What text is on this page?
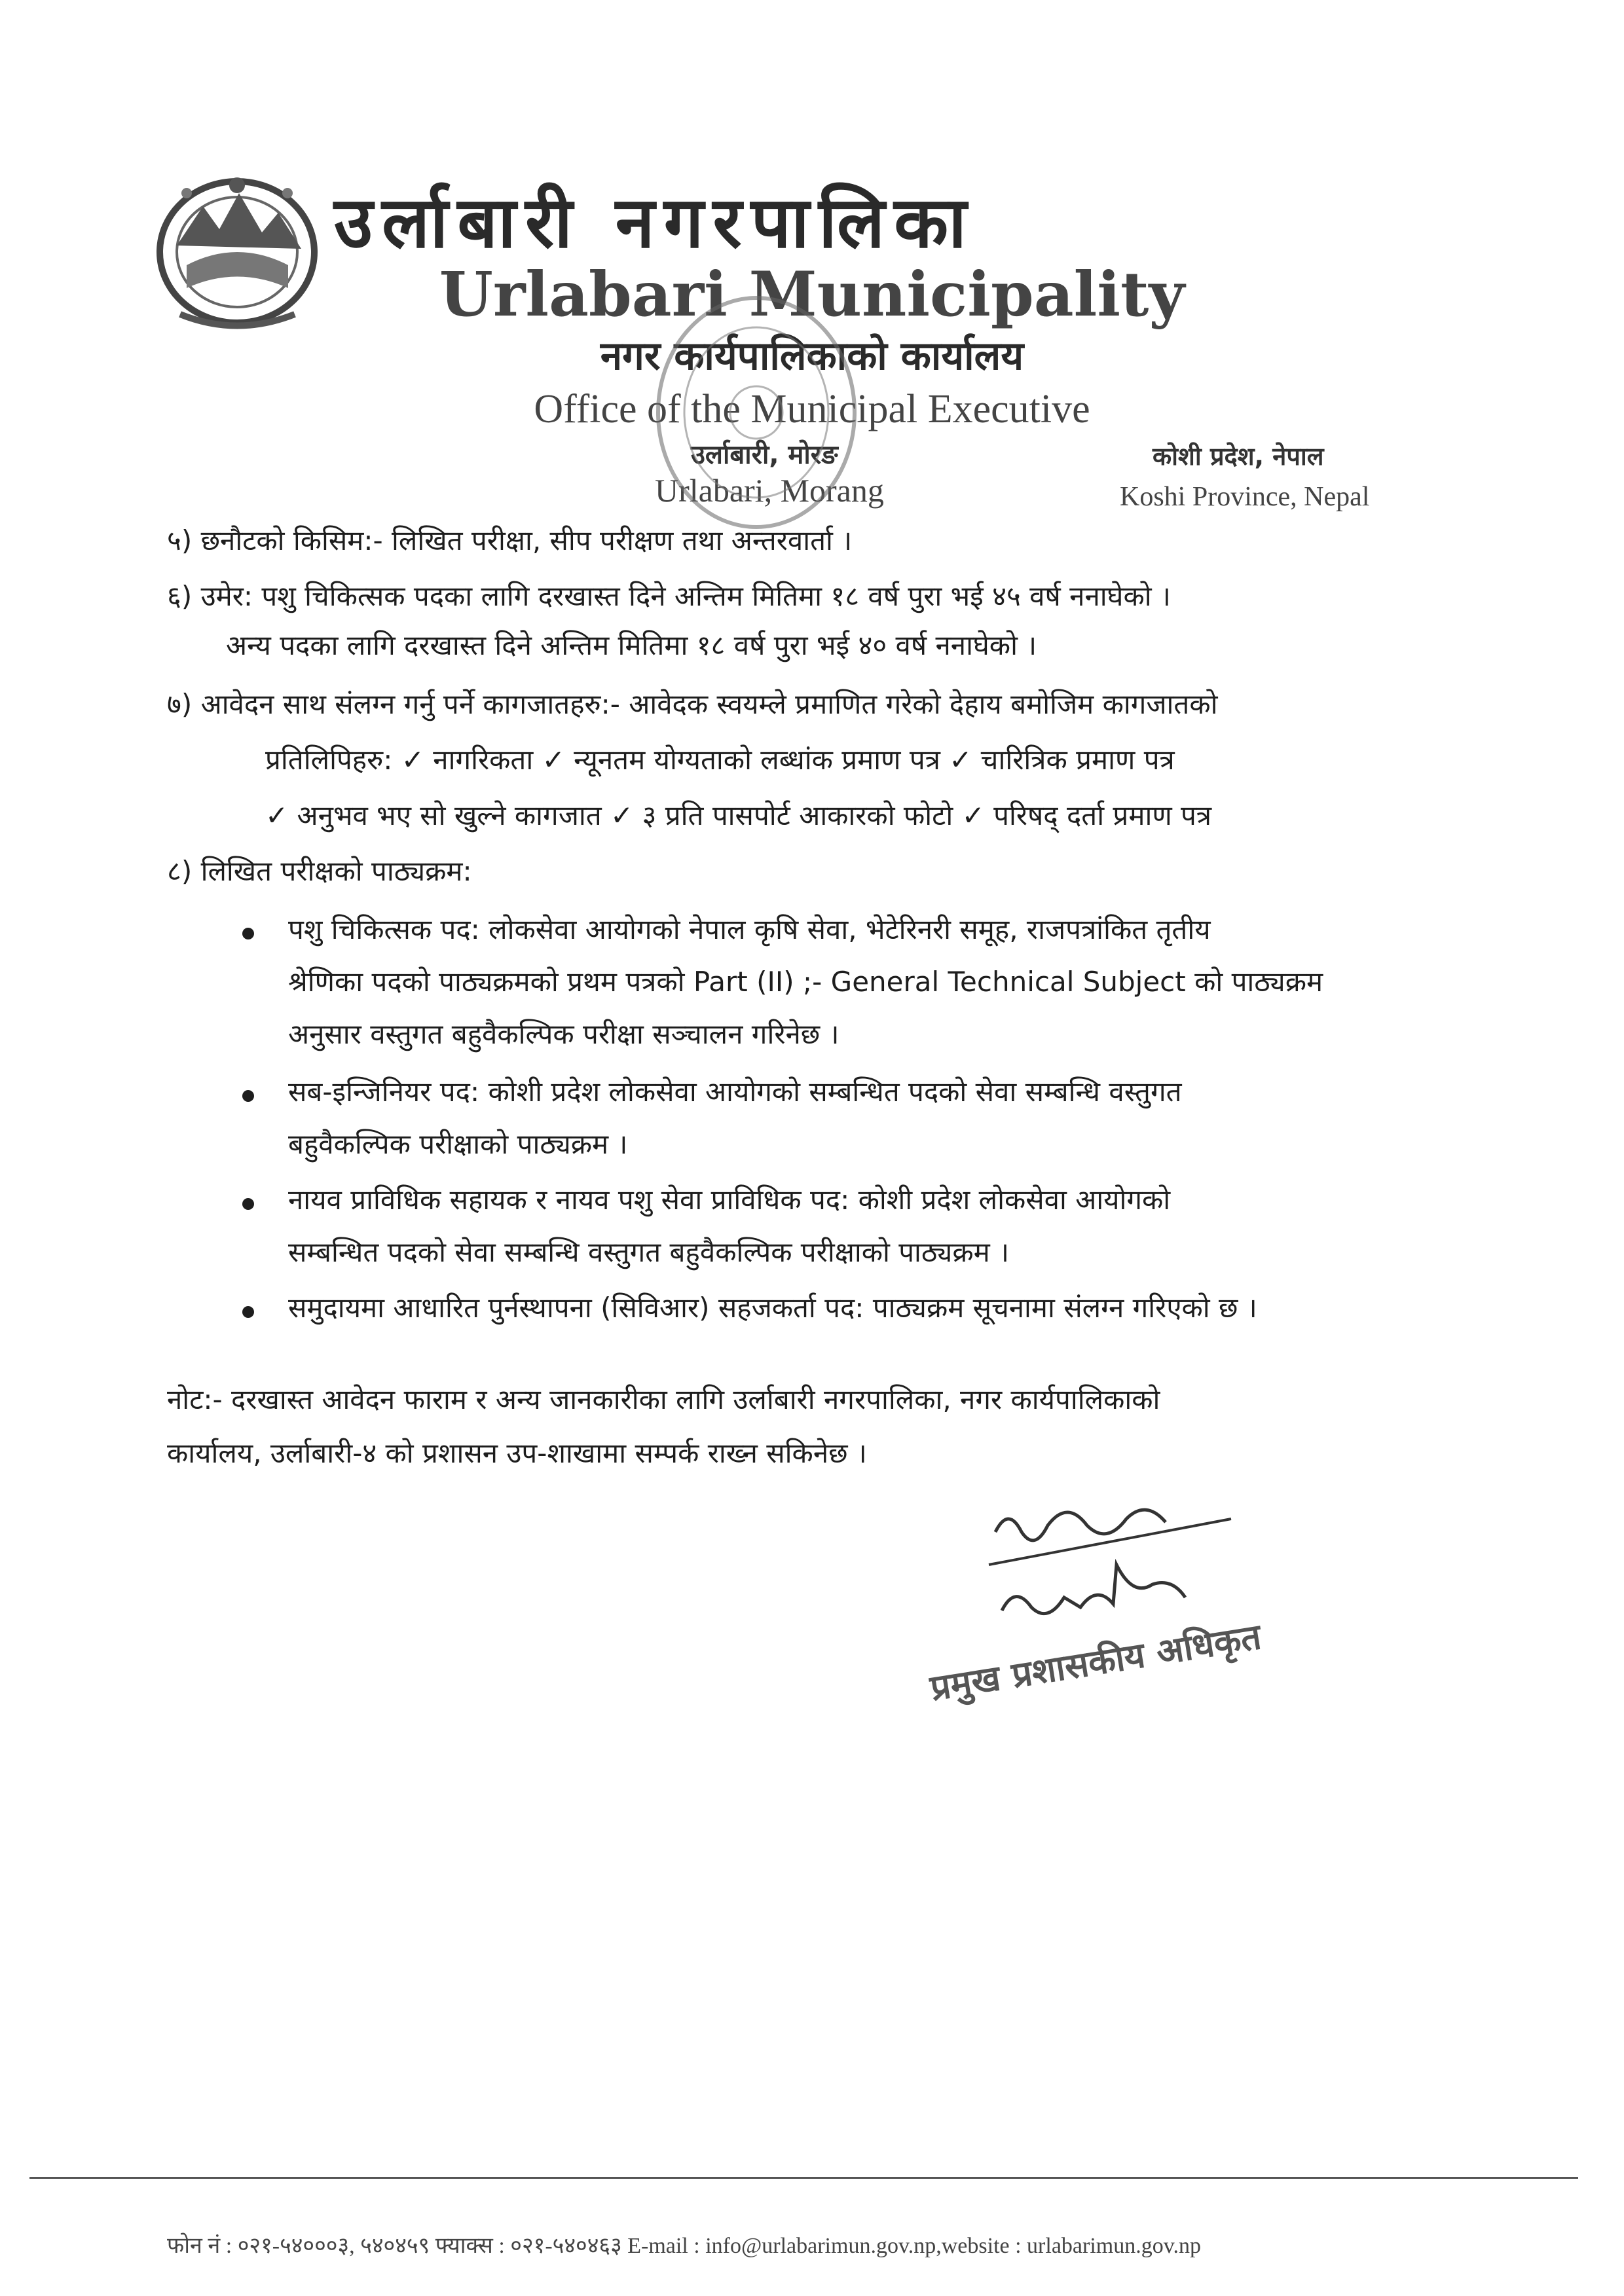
उर्लाबारी नगरपालिका
Urlabari Municipality
नगर कार्यपालिकाको कार्यालय
Office of the Municipal Executive
उर्लाबारी, मोरङ
Urlabari, Morang
कोशी प्रदेश, नेपाल
Koshi Province, Nepal
५) छनौटको किसिम:- लिखित परीक्षा, सीप परीक्षण तथा अन्तरवार्ता ।
६) उमेर: पशु चिकित्सक पदका लागि दरखास्त दिने अन्तिम मितिमा १८ वर्ष पुरा भई ४५ वर्ष ननाघेको ।
अन्य पदका लागि दरखास्त दिने अन्तिम मितिमा १८ वर्ष पुरा भई ४० वर्ष ननाघेको ।
७) आवेदन साथ संलग्न गर्नु पर्ने कागजातहरु:- आवेदक स्वयम्ले प्रमाणित गरेको देहाय बमोजिम कागजातको
प्रतिलिपिहरु: ✓ नागरिकता ✓ न्यूनतम योग्यताको लब्धांक प्रमाण पत्र ✓ चारित्रिक प्रमाण पत्र
✓ अनुभव भए सो खुल्ने कागजात ✓ ३ प्रति पासपोर्ट आकारको फोटो ✓ परिषद् दर्ता प्रमाण पत्र
८) लिखित परीक्षको पाठ्यक्रम:
पशु चिकित्सक पद: लोकसेवा आयोगको नेपाल कृषि सेवा, भेटेरिनरी समूह, राजपत्रांकित तृतीय
श्रेणिका पदको पाठ्यक्रमको प्रथम पत्रको Part (II) ;- General Technical Subject को पाठ्यक्रम
अनुसार वस्तुगत बहुवैकल्पिक परीक्षा सञ्चालन गरिनेछ ।
सब-इन्जिनियर पद: कोशी प्रदेश लोकसेवा आयोगको सम्बन्धित पदको सेवा सम्बन्धि वस्तुगत
बहुवैकल्पिक परीक्षाको पाठ्यक्रम ।
नायव प्राविधिक सहायक र नायव पशु सेवा प्राविधिक पद: कोशी प्रदेश लोकसेवा आयोगको
सम्बन्धित पदको सेवा सम्बन्धि वस्तुगत बहुवैकल्पिक परीक्षाको पाठ्यक्रम ।
समुदायमा आधारित पुर्नस्थापना (सिविआर) सहजकर्ता पद: पाठ्यक्रम सूचनामा संलग्न गरिएको छ ।
नोट:- दरखास्त आवेदन फाराम र अन्य जानकारीका लागि उर्लाबारी नगरपालिका, नगर कार्यपालिकाको
कार्यालय, उर्लाबारी-४ को प्रशासन उप-शाखामा सम्पर्क राख्न सकिनेछ ।
प्रमुख प्रशासकीय अधिकृत
फोन नं : ०२१-५४०००३, ५४०४५९ फ्याक्स : ०२१-५४०४६३ E-mail : info@urlabarimun.gov.np,website : urlabarimun.gov.np
